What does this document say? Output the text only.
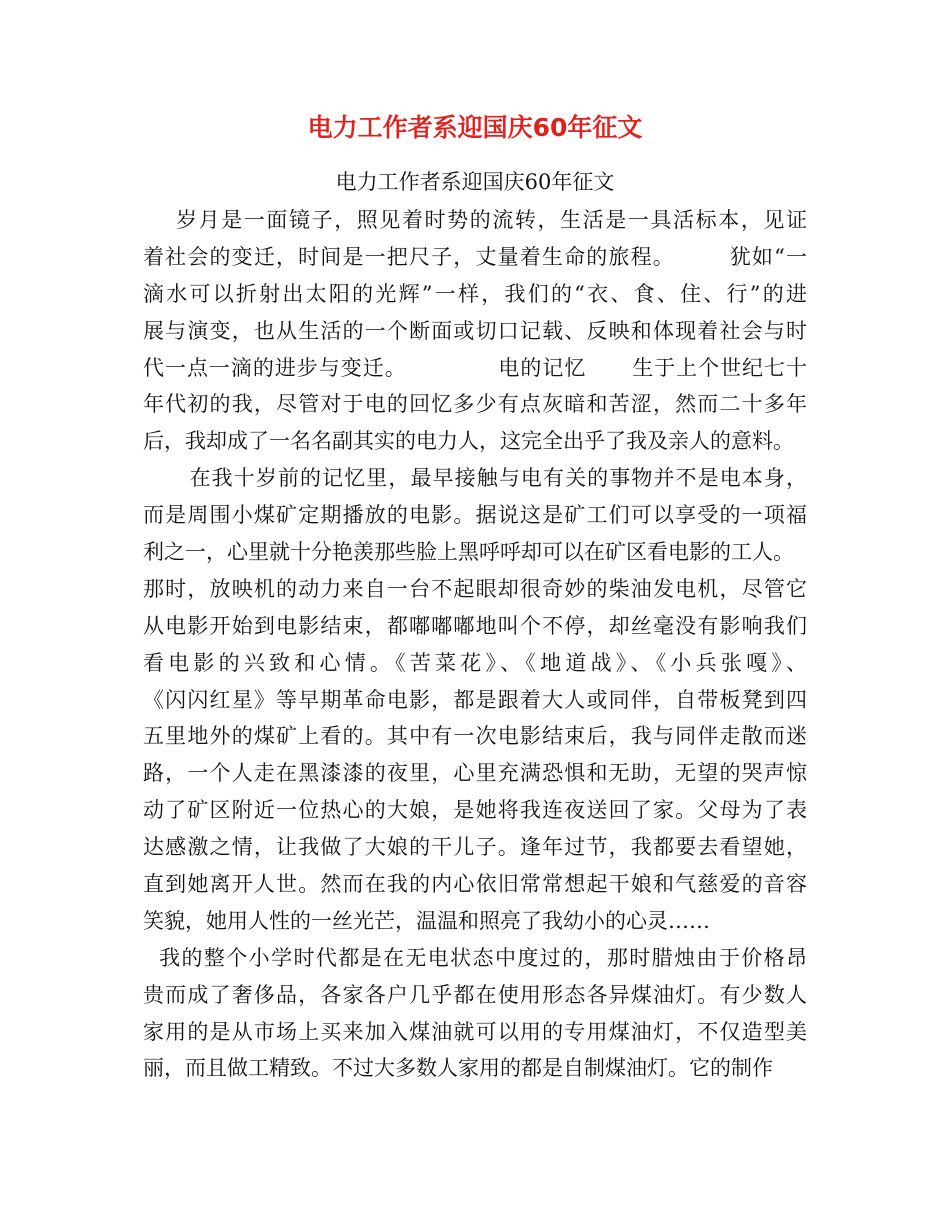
电力工作者系迎国庆60年征文
电力工作者系迎国庆60年征文
岁月是一面镜子，照见着时势的流转，生活是一具活标本，见证
着社会的变迁，时间是一把尺子，丈量着生命的旅程。       犹如“一
滴水可以折射出太阳的光辉”一样，我们的“衣、食、住、行”的进
展与演变，也从生活的一个断面或切口记载、反映和体现着社会与时
代一点一滴的进步与变迁。            电的记忆      生于上个世纪七十
年代初的我，尽管对于电的回忆多少有点灰暗和苦涩，然而二十多年
后，我却成了一名名副其实的电力人，这完全出乎了我及亲人的意料。
在我十岁前的记忆里，最早接触与电有关的事物并不是电本身，
而是周围小煤矿定期播放的电影。据说这是矿工们可以享受的一项福
利之一，心里就十分艳羡那些脸上黑呼呼却可以在矿区看电影的工人。
那时，放映机的动力来自一台不起眼却很奇妙的柴油发电机，尽管它
从电影开始到电影结束，都嘟嘟嘟地叫个不停，却丝毫没有影响我们
看电影的兴致和心情。《苦菜花》、《地道战》、《小兵张嘎》、
《闪闪红星》等早期革命电影，都是跟着大人或同伴，自带板凳到四
五里地外的煤矿上看的。其中有一次电影结束后，我与同伴走散而迷
路，一个人走在黑漆漆的夜里，心里充满恐惧和无助，无望的哭声惊
动了矿区附近一位热心的大娘，是她将我连夜送回了家。父母为了表
达感激之情，让我做了大娘的干儿子。逢年过节，我都要去看望她，
直到她离开人世。然而在我的内心依旧常常想起干娘和气慈爱的音容
笑貌，她用人性的一丝光芒，温温和照亮了我幼小的心灵……
我的整个小学时代都是在无电状态中度过的，那时腊烛由于价格昂
贵而成了奢侈品，各家各户几乎都在使用形态各异煤油灯。有少数人
家用的是从市场上买来加入煤油就可以用的专用煤油灯，不仅造型美
丽，而且做工精致。不过大多数人家用的都是自制煤油灯。它的制作
